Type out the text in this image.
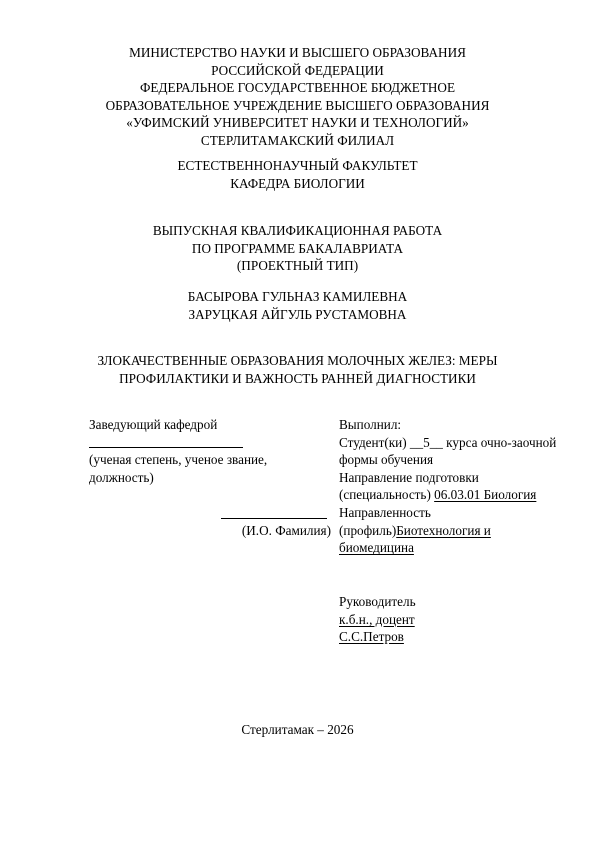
МИНИСТЕРСТВО НАУКИ И ВЫСШЕГО ОБРАЗОВАНИЯ
РОССИЙСКОЙ ФЕДЕРАЦИИ
ФЕДЕРАЛЬНОЕ ГОСУДАРСТВЕННОЕ БЮДЖЕТНОЕ
ОБРАЗОВАТЕЛЬНОЕ УЧРЕЖДЕНИЕ ВЫСШЕГО ОБРАЗОВАНИЯ
«УФИМСКИЙ УНИВЕРСИТЕТ НАУКИ И ТЕХНОЛОГИЙ»
СТЕРЛИТАМАКСКИЙ ФИЛИАЛ
ЕСТЕСТВЕННОНАУЧНЫЙ ФАКУЛЬТЕТ
КАФЕДРА БИОЛОГИИ
ВЫПУСКНАЯ КВАЛИФИКАЦИОННАЯ РАБОТА
ПО ПРОГРАММЕ БАКАЛАВРИАТА
(ПРОЕКТНЫЙ ТИП)
БАСЫРОВА ГУЛЬНАЗ КАМИЛЕВНА
ЗАРУЦКАЯ АЙГУЛЬ РУСТАМОВНА
ЗЛОКАЧЕСТВЕННЫЕ ОБРАЗОВАНИЯ МОЛОЧНЫХ ЖЕЛЕЗ: МЕРЫ
ПРОФИЛАКТИКИ И ВАЖНОСТЬ РАННЕЙ ДИАГНОСТИКИ
Заведующий кафедрой
(ученая степень, ученое звание,
должность)
(И.О. Фамилия)
Выполнил:
Студент(ки) __5__ курса очно-заочной
формы обучения
Направление подготовки
(специальность) 06.03.01 Биология
Направленность
(профиль)Биотехнология и
биомедицина
Руководитель
к.б.н., доцент
С.С.Петров
Стерлитамак – 2026
